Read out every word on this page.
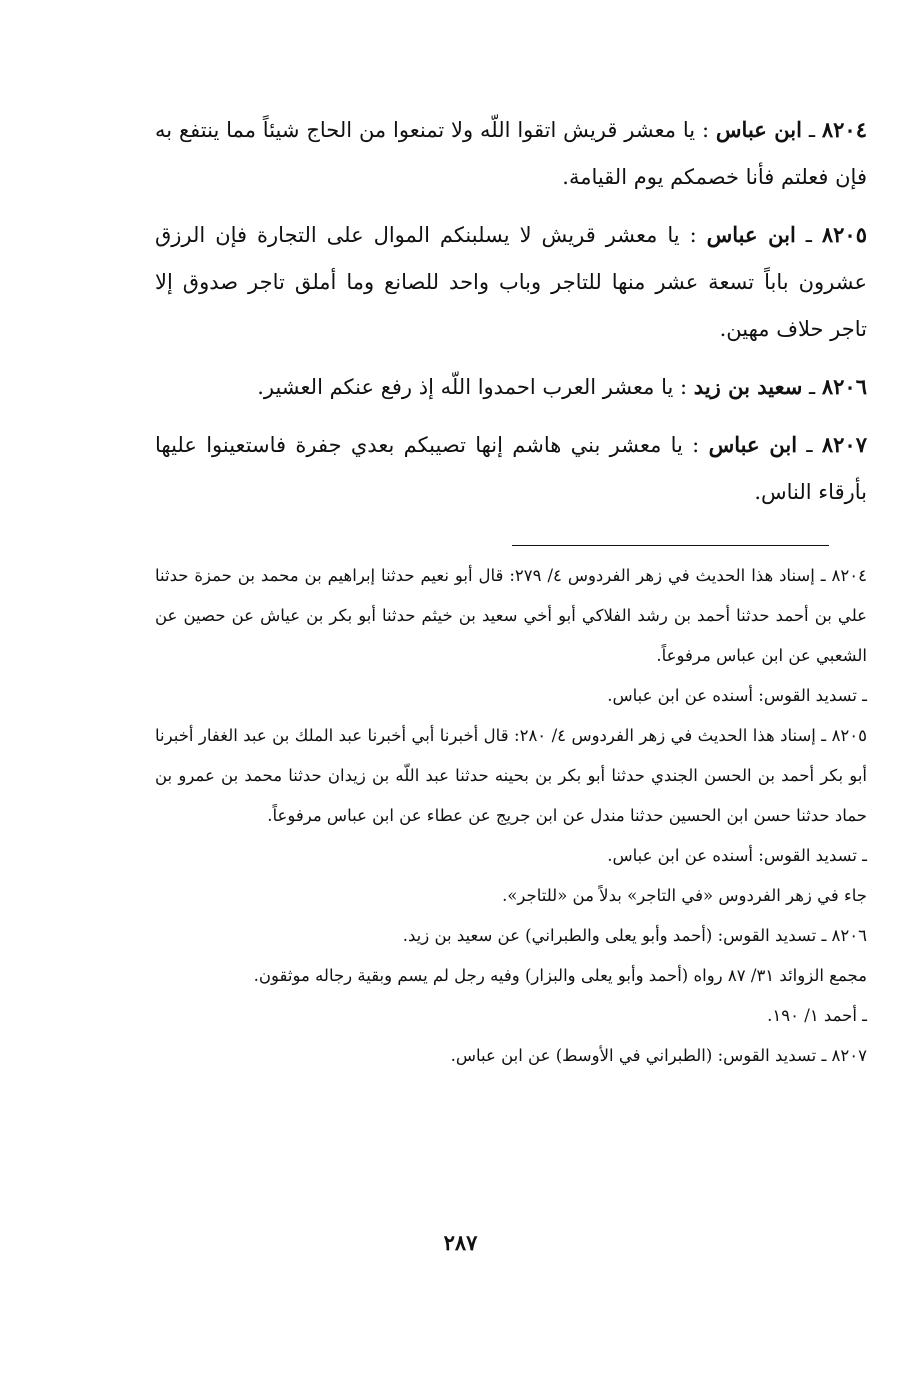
٨٢٠٤ ـ ابن عباس : يا معشر قريش اتقوا اللّه ولا تمنعوا من الحاج شيئاً مما ينتفع به فإن فعلتم فأنا خصمكم يوم القيامة.

٨٢٠٥ ـ ابن عباس : يا معشر قريش لا يسلبنكم الموال على التجارة فإن الرزق عشرون باباً تسعة عشر منها للتاجر وباب واحد للصانع وما أملق تاجر صدوق إلا تاجر حلاف مهين.

٨٢٠٦ ـ سعيد بن زيد : يا معشر العرب احمدوا اللّه إذ رفع عنكم العشير.

٨٢٠٧ ـ ابن عباس : يا معشر بني هاشم إنها تصيبكم بعدي جفرة فاستعينوا عليها بأرقاء الناس.

٨٢٠٤ ـ إسناد هذا الحديث في زهر الفردوس ٤/ ٢٧٩: قال أبو نعيم حدثنا إبراهيم بن محمد بن حمزة حدثنا علي بن أحمد حدثنا أحمد بن رشد الفلاكي أبو أخي سعيد بن خيثم حدثنا أبو بكر بن عياش عن حصين عن الشعبي عن ابن عباس مرفوعاً.

ـ تسديد القوس: أسنده عن ابن عباس.

٨٢٠٥ ـ إسناد هذا الحديث في زهر الفردوس ٤/ ٢٨٠: قال أخبرنا أبي أخبرنا عبد الملك بن عبد الغفار أخبرنا أبو بكر أحمد بن الحسن الجندي حدثنا أبو بكر بن بحينه حدثنا عبد اللّه بن زيدان حدثنا محمد بن عمرو بن حماد حدثنا حسن ابن الحسين حدثنا مندل عن ابن جريج عن عطاء عن ابن عباس مرفوعاً.

ـ تسديد القوس: أسنده عن ابن عباس.

جاء في زهر الفردوس «في التاجر» بدلاً من «للتاجر».

٨٢٠٦ ـ تسديد القوس: (أحمد وأبو يعلى والطبراني) عن سعيد بن زيد.

مجمع الزوائد ٣١/ ٨٧ رواه (أحمد وأبو يعلى والبزار) وفيه رجل لم يسم وبقية رجاله موثقون.

ـ أحمد ١/ ١٩٠.

٨٢٠٧ ـ تسديد القوس: (الطبراني في الأوسط) عن ابن عباس.

٢٨٧
